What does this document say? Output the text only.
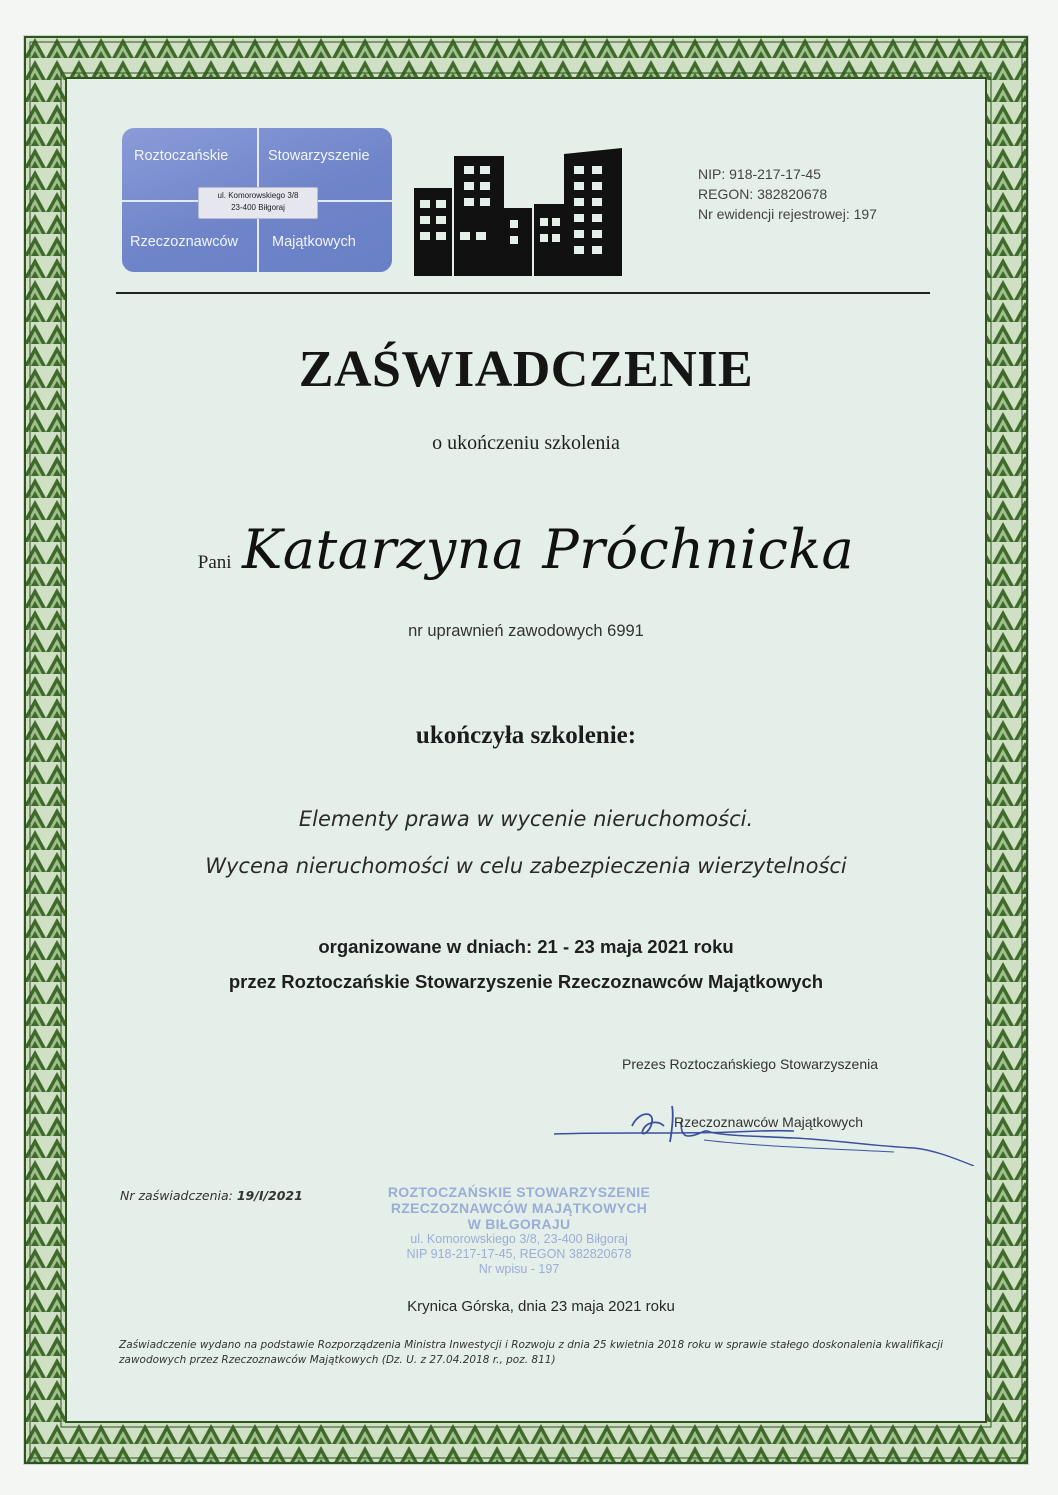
Roztoczańskie	Stowarzyszenie
Rzeczoznawców Majątkowych
ul. Komorowskiego 3/8
23-400 Biłgoraj
NIP: 918-217-17-45
REGON: 382820678
Nr ewidencji rejestrowej: 197
ZAŚWIADCZENIE
o ukończeniu szkolenia
Pani Katarzyna Próchnicka
nr uprawnień zawodowych 6991
ukończyła szkolenie:
Elementy prawa w wycenie nieruchomości.
Wycena nieruchomości w celu zabezpieczenia wierzytelności
organizowane w dniach: 21 - 23 maja 2021 roku
przez Roztoczańskie Stowarzyszenie Rzeczoznawców Majątkowych
Prezes Roztoczańskiego Stowarzyszenia
Rzeczoznawców Majątkowych
Nr zaświadczenia: 19/I/2021	ROZTOCZAŃSKIE STOWARZYSZENIE
RZECZOZNAWCÓW MAJĄTKOWYCH
W BIŁGORAJU
ul. Komorowskiego 3/8, 23-400 Biłgoraj
NIP 918-217-17-45, REGON 382820678
Nr wpisu - 197
Krynica Górska, dnia 23 maja 2021 roku
Zaświadczenie wydano na podstawie Rozporządzenia Ministra Inwestycji i Rozwoju z dnia 25 kwietnia 2018 roku w sprawie stałego doskonalenia kwalifikacji zawodowych przez Rzeczoznawców Majątkowych (Dz. U. z 27.04.2018 r., poz. 811)
